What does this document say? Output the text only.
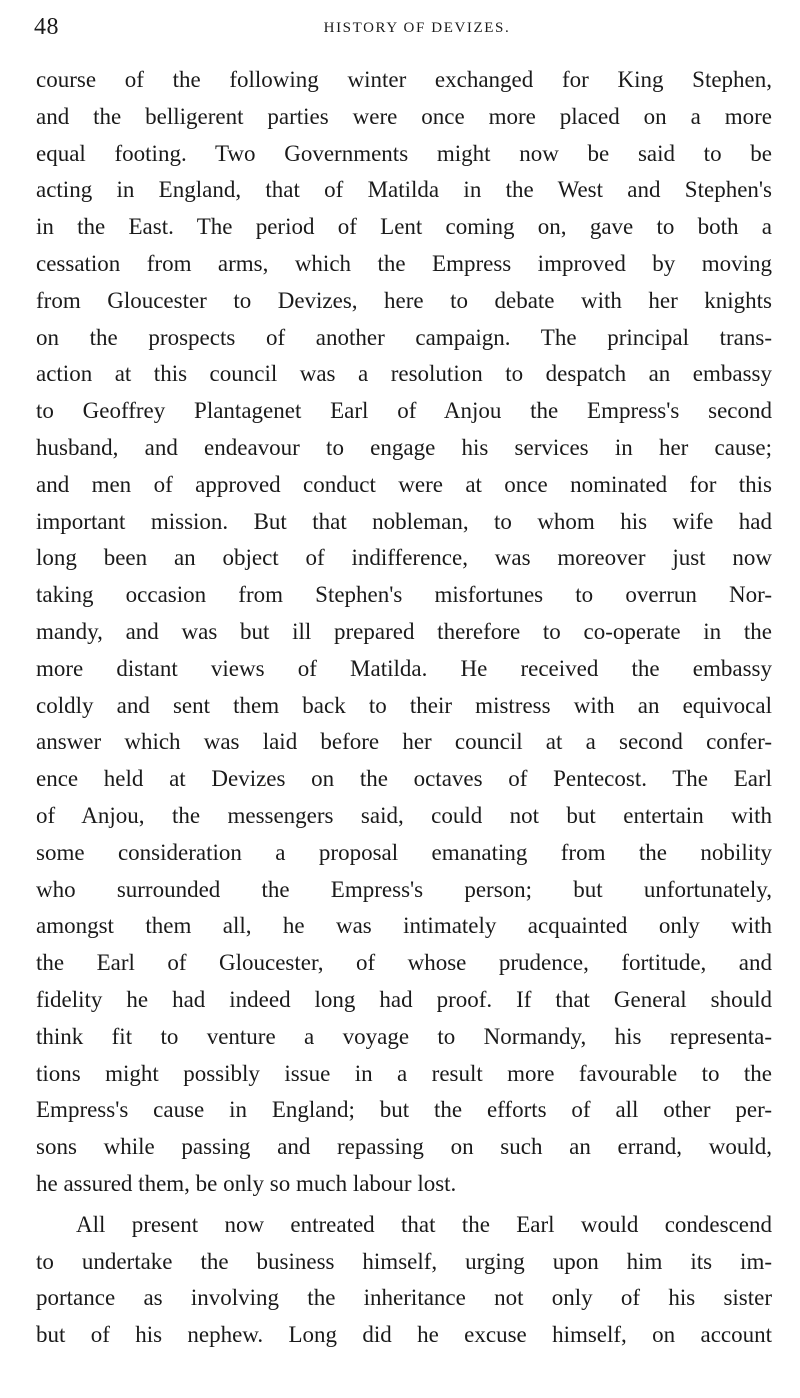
48	HISTORY OF DEVIZES.
course of the following winter exchanged for King Stephen,
and the belligerent parties were once more placed on a more
equal footing. Two Governments might now be said to be
acting in England, that of Matilda in the West and Stephen's
in the East. The period of Lent coming on, gave to both a
cessation from arms, which the Empress improved by moving
from Gloucester to Devizes, here to debate with her knights
on the prospects of another campaign. The principal trans-
action at this council was a resolution to despatch an embassy
to Geoffrey Plantagenet Earl of Anjou the Empress's second
husband, and endeavour to engage his services in her cause;
and men of approved conduct were at once nominated for this
important mission. But that nobleman, to whom his wife had
long been an object of indifference, was moreover just now
taking occasion from Stephen's misfortunes to overrun Nor-
mandy, and was but ill prepared therefore to co-operate in the
more distant views of Matilda. He received the embassy
coldly and sent them back to their mistress with an equivocal
answer which was laid before her council at a second confer-
ence held at Devizes on the octaves of Pentecost. The Earl
of Anjou, the messengers said, could not but entertain with
some consideration a proposal emanating from the nobility
who surrounded the Empress's person; but unfortunately,
amongst them all, he was intimately acquainted only with
the Earl of Gloucester, of whose prudence, fortitude, and
fidelity he had indeed long had proof. If that General should
think fit to venture a voyage to Normandy, his representa-
tions might possibly issue in a result more favourable to the
Empress's cause in England; but the efforts of all other per-
sons while passing and repassing on such an errand, would,
he assured them, be only so much labour lost.
All present now entreated that the Earl would condescend
to undertake the business himself, urging upon him its im-
portance as involving the inheritance not only of his sister
but of his nephew. Long did he excuse himself, on account
